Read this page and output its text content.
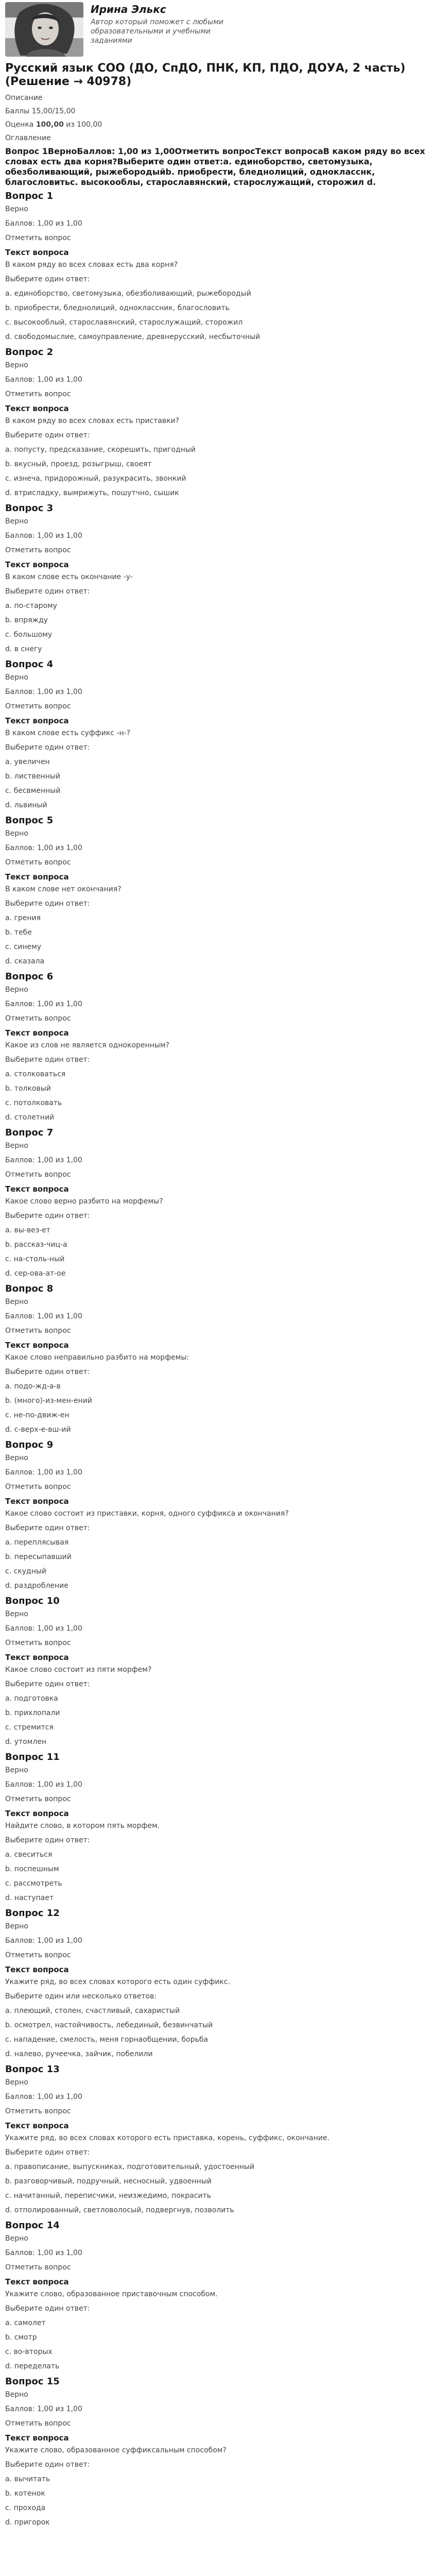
Ирина Элькс
Автор который поможет с любыми образовательными и учебными заданиями
Русский язык СОО (ДО, СпДО, ПНК, КП, ПДО, ДОУА, 2 часть) (Решение → 40978)
Описание
Баллы 15,00/15,00
Оценка 100,00 из 100,00
Оглавление
Вопрос 1ВерноБаллов: 1,00 из 1,00Отметить вопросТекст вопросаВ каком ряду во всех словах есть два корня?Выберите один ответ:a. единоборство, светомузыка, обезболивающий, рыжебородыйb. приобрести, бледнолиций, однокласснк, благословитьc. высокооблы, старославянский, старослужащий, сторожил d.
Вопрос 1
Верно
Баллов: 1,00 из 1,00
Отметить вопрос
Текст вопроса
В каком ряду во всех словах есть два корня?
Выберите один ответ:
a. единоборство, светомузыка, обезболивающий, рыжебородый
b. приобрести, бледнолиций, одноклассник, благословить
c. высокооблый, старославянский, старослужащий, сторожил
d. свободомыслие, самоуправление, древнерусский, несбыточный
Вопрос 2
Верно
Баллов: 1,00 из 1,00
Отметить вопрос
Текст вопроса
В каком ряду во всех словах есть приставки?
Выберите один ответ:
a. попусту, предсказание, скорешить, пригодный
b. вкусный, проезд, розыгрыш, своеят
c. изнеча, придорожный, разукрасить, звонкий
d. втрисладку, вымрижуть, пошутчно, сышик
Вопрос 3
Верно
Баллов: 1,00 из 1,00
Отметить вопрос
Текст вопроса
В каком слове есть окончание -у-
Выберите один ответ:
a. по-старому
b. впряжду
c. большому
d. в снегу
Вопрос 4
Верно
Баллов: 1,00 из 1,00
Отметить вопрос
Текст вопроса
В каком слове есть суффикс -н-?
Выберите один ответ:
a. увеличен
b. лиственный
c. бесвменный
d. львиный
Вопрос 5
Верно
Баллов: 1,00 из 1,00
Отметить вопрос
Текст вопроса
В каком слове нет окончания?
Выберите один ответ:
a. грения
b. тебе
c. синему
d. сказала
Вопрос 6
Верно
Баллов: 1,00 из 1,00
Отметить вопрос
Текст вопроса
Какое из слов не является однокоренным?
Выберите один ответ:
a. столковаться
b. толковый
c. потолковать
d. столетний
Вопрос 7
Верно
Баллов: 1,00 из 1,00
Отметить вопрос
Текст вопроса
Какое слово верно разбито на морфемы?
Выберите один ответ:
a. вы-вез-ет
b. рассказ-чиц-а
c. на-столь-ный
d. сер-ова-ат-ое
Вопрос 8
Верно
Баллов: 1,00 из 1,00
Отметить вопрос
Текст вопроса
Какое слово неправильно разбито на морфемы:
Выберите один ответ:
a. подо-жд-а-в
b. (много)-из-мен-ений
c. не-по-движ-ен
d. с-верх-е-вш-ий
Вопрос 9
Верно
Баллов: 1,00 из 1,00
Отметить вопрос
Текст вопроса
Какое слово состоит из приставки, корня, одного суффикса и окончания?
Выберите один ответ:
a. переплясывая
b. пересыпавший
c. скудный
d. раздробление
Вопрос 10
Верно
Баллов: 1,00 из 1,00
Отметить вопрос
Текст вопроса
Какое слово состоит из пяти морфем?
Выберите один ответ:
a. подготовка
b. прихлопали
c. стремится
d. утомлен
Вопрос 11
Верно
Баллов: 1,00 из 1,00
Отметить вопрос
Текст вопроса
Найдите слово, в котором пять морфем.
Выберите один ответ:
a. свеситься
b. поспешным
c. рассмотреть
d. наступает
Вопрос 12
Верно
Баллов: 1,00 из 1,00
Отметить вопрос
Текст вопроса
Укажите ряд, во всех словах которого есть один суффикс.
Выберите один или несколько ответов:
a. плеющий, столен, счастливый, сахаристый
b. осмотрел, настойчивость, лебединый, безвинчатый
c. нападение, смелость, меня горнаобщении, борьба
d. налево, ручеечка, зайчик, побелили
Вопрос 13
Верно
Баллов: 1,00 из 1,00
Отметить вопрос
Текст вопроса
Укажите ряд, во всех словах которого есть приставка, корень, суффикс, окончание.
Выберите один ответ:
a. правописание, выпускниках, подготовительный, удостоенный
b. разговорчивый, подручный, несносный, удвоенный
c. начитанный, переписчики, неизжедимо, покрасить
d. отполированный, светловолосый, подвергнув, позволить
Вопрос 14
Верно
Баллов: 1,00 из 1,00
Отметить вопрос
Текст вопроса
Укажите слово, образованное приставочным способом.
Выберите один ответ:
a. самолет
b. смотр
c. во-вторых
d. переделать
Вопрос 15
Верно
Баллов: 1,00 из 1,00
Отметить вопрос
Текст вопроса
Укажите слово, образованное суффиксальным способом?
Выберите один ответ:
a. вычитать
b. котенок
c. прохода
d. пригорок
